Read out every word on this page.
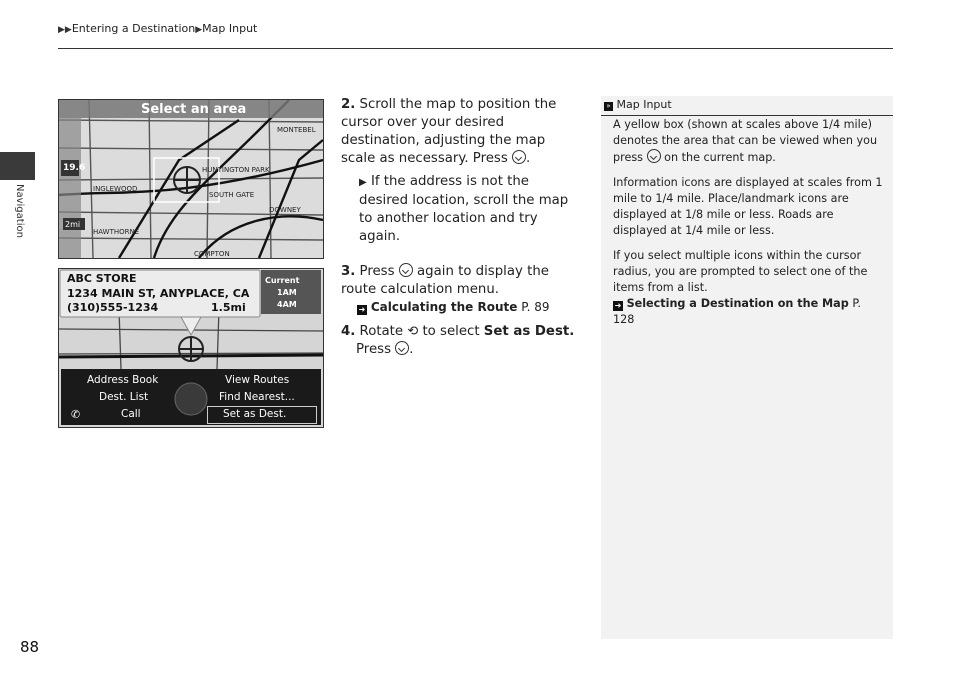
▶▶Entering a Destination▶Map Input
Navigation
88
Select an area
MONTEBEL
HUNTINGTON PARK
INGLEWOOD
SOUTH GATE
DOWNEY
HAWTHORNE
COMPTON
19.6
2mi
ABC STORE
1234 MAIN ST, ANYPLACE, CA
(310)555-1234	1.5mi
Current
1AM
4AM
Address Book
Dest. List
✆	Call
View Routes
Find Nearest...
Set as Dest.
2. Scroll the map to position the cursor over your desired destination, adjusting the map scale as necessary. Press .
▶ If the address is not the desired location, scroll the map to another location and try again.
3. Press again to display the route calculation menu.
➜ Calculating the Route P. 89
4. Rotate ⟲ to select Set as Dest.
Press .
» Map Input
A yellow box (shown at scales above 1/4 mile) denotes the area that can be viewed when you press on the current map.
Information icons are displayed at scales from 1 mile to 1/4 mile. Place/landmark icons are displayed at 1/8 mile or less. Roads are displayed at 1/4 mile or less.
If you select multiple icons within the cursor radius, you are prompted to select one of the items from a list.
➜ Selecting a Destination on the Map P. 128
